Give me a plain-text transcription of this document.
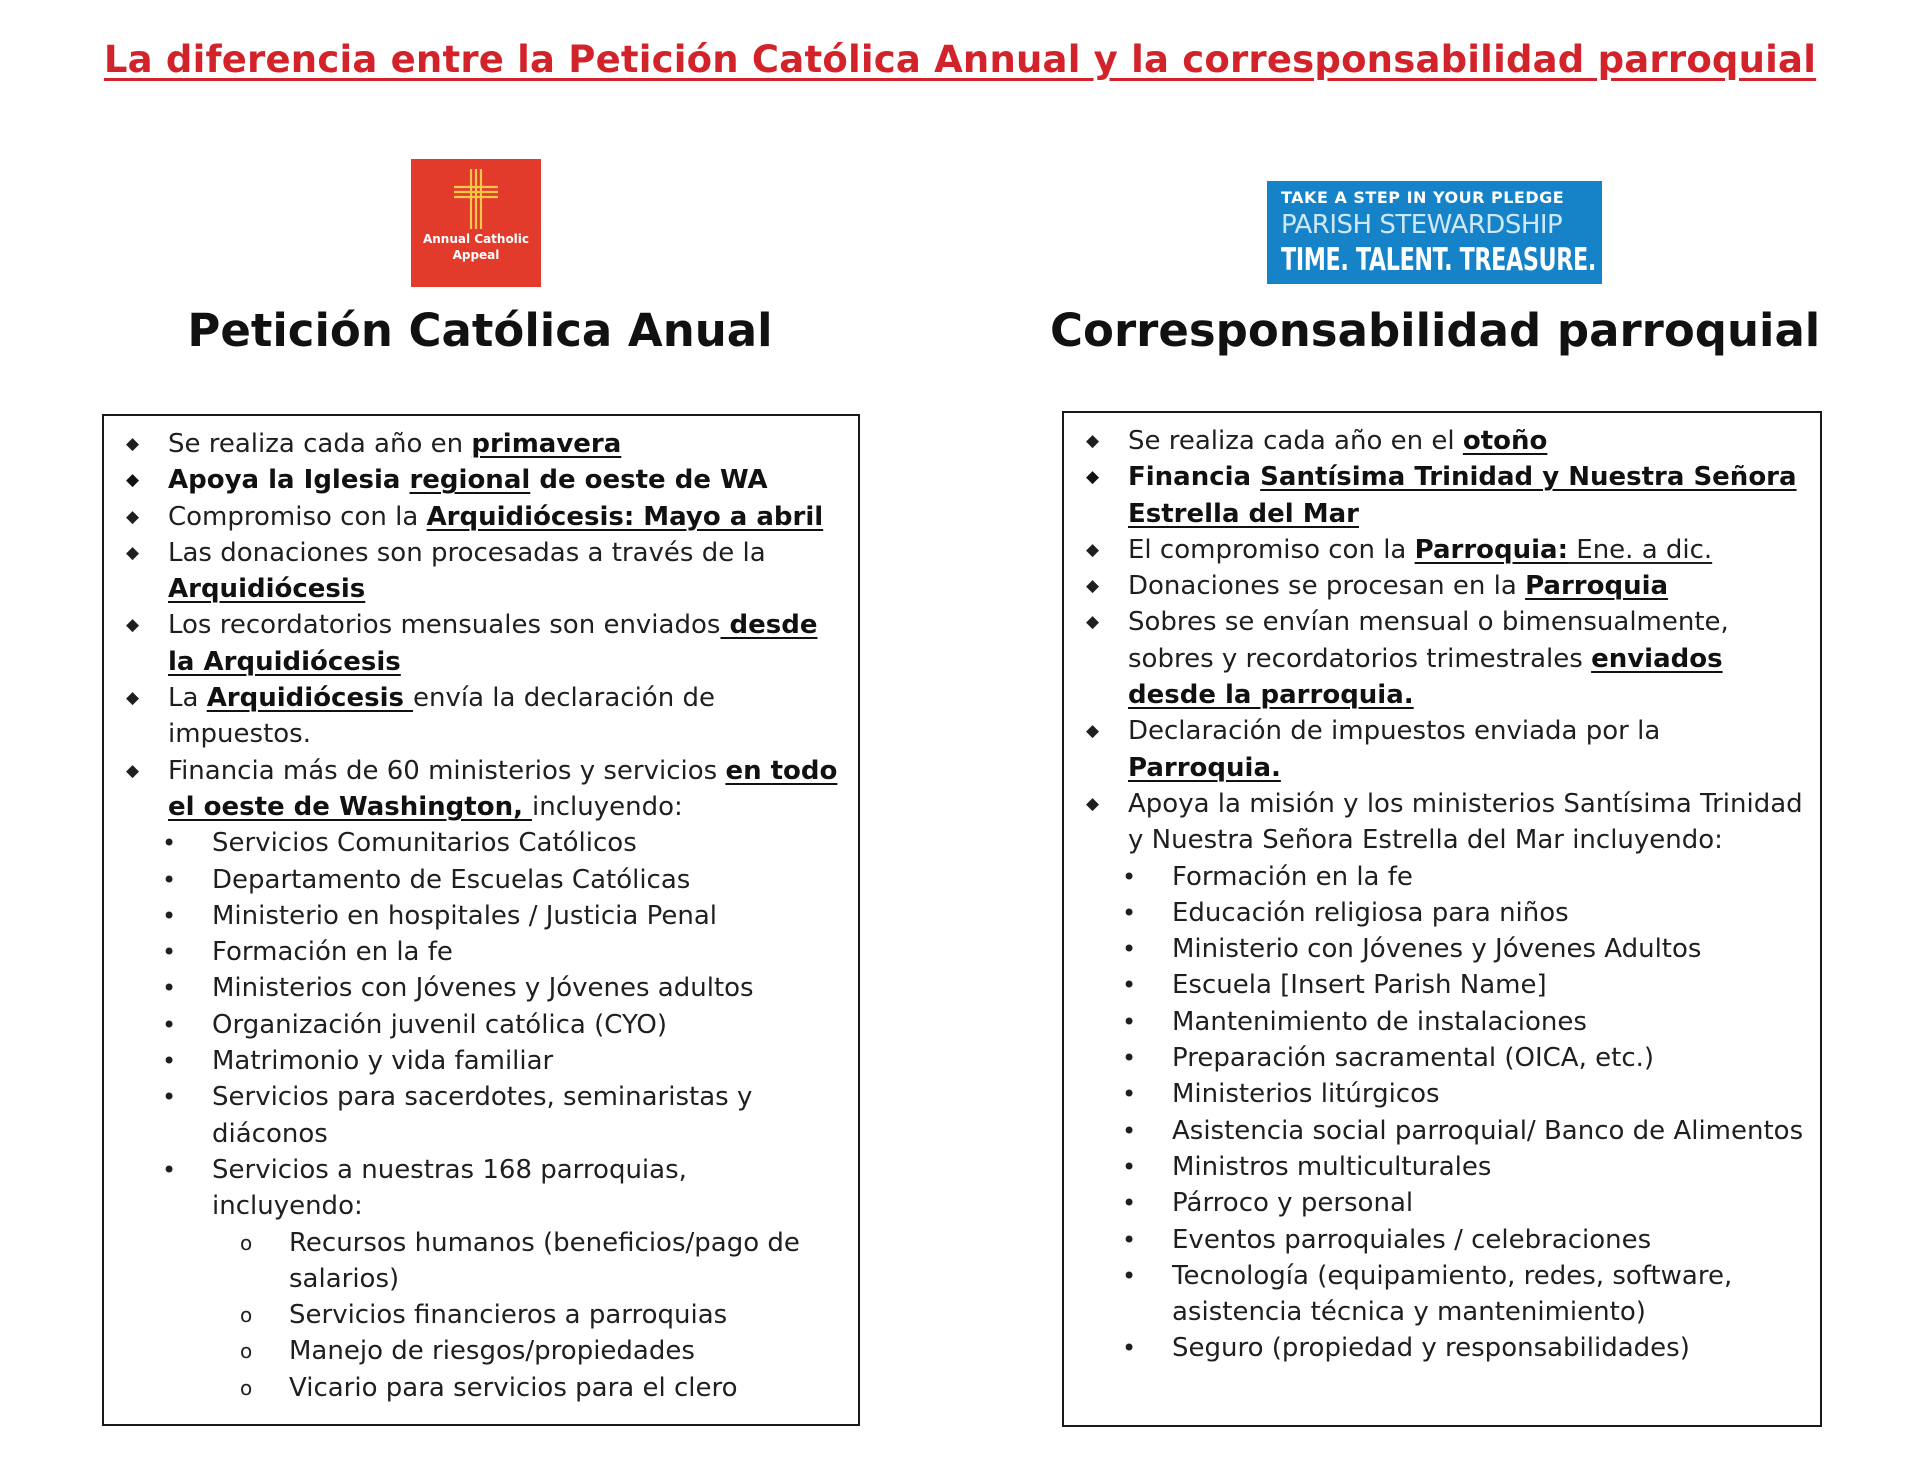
La diferencia entre la Petición Católica Annual y la corresponsabilidad parroquial
Annual Catholic
Appeal
TAKE A STEP IN YOUR PLEDGE
PARISH STEWARDSHIP
TIME. TALENT. TREASURE.
Petición Católica Anual	Corresponsabilidad parroquial
◆ Se realiza cada año en primavera
◆ Apoya la Iglesia regional de oeste de WA
◆ Compromiso con la Arquidiócesis: Mayo a abril
◆ Las donaciones son procesadas a través de la Arquidiócesis
◆ Los recordatorios mensuales son enviados desde la Arquidiócesis
◆ La Arquidiócesis envía la declaración de impuestos.
◆ Financia más de 60 ministerios y servicios en todo el oeste de Washington, incluyendo:
• Servicios Comunitarios Católicos
• Departamento de Escuelas Católicas
• Ministerio en hospitales / Justicia Penal
• Formación en la fe
• Ministerios con Jóvenes y Jóvenes adultos
• Organización juvenil católica (CYO)
• Matrimonio y vida familiar
• Servicios para sacerdotes, seminaristas y diáconos
• Servicios a nuestras 168 parroquias, incluyendo:
o Recursos humanos (beneficios/pago de salarios)
o Servicios financieros a parroquias
o Manejo de riesgos/propiedades
o Vicario para servicios para el clero
◆ Se realiza cada año en el otoño
◆ Financia Santísima Trinidad y Nuestra Señora Estrella del Mar
◆ El compromiso con la Parroquia: Ene. a dic.
◆ Donaciones se procesan en la Parroquia
◆ Sobres se envían mensual o bimensualmente, sobres y recordatorios trimestrales enviados desde la parroquia.
◆ Declaración de impuestos enviada por la Parroquia.
◆ Apoya la misión y los ministerios Santísima Trinidad y Nuestra Señora Estrella del Mar incluyendo:
• Formación en la fe
• Educación religiosa para niños
• Ministerio con Jóvenes y Jóvenes Adultos
• Escuela [Insert Parish Name]
• Mantenimiento de instalaciones
• Preparación sacramental (OICA, etc.)
• Ministerios litúrgicos
• Asistencia social parroquial/ Banco de Alimentos
• Ministros multiculturales
• Párroco y personal
• Eventos parroquiales / celebraciones
• Tecnología (equipamiento, redes, software, asistencia técnica y mantenimiento)
• Seguro (propiedad y responsabilidades)
